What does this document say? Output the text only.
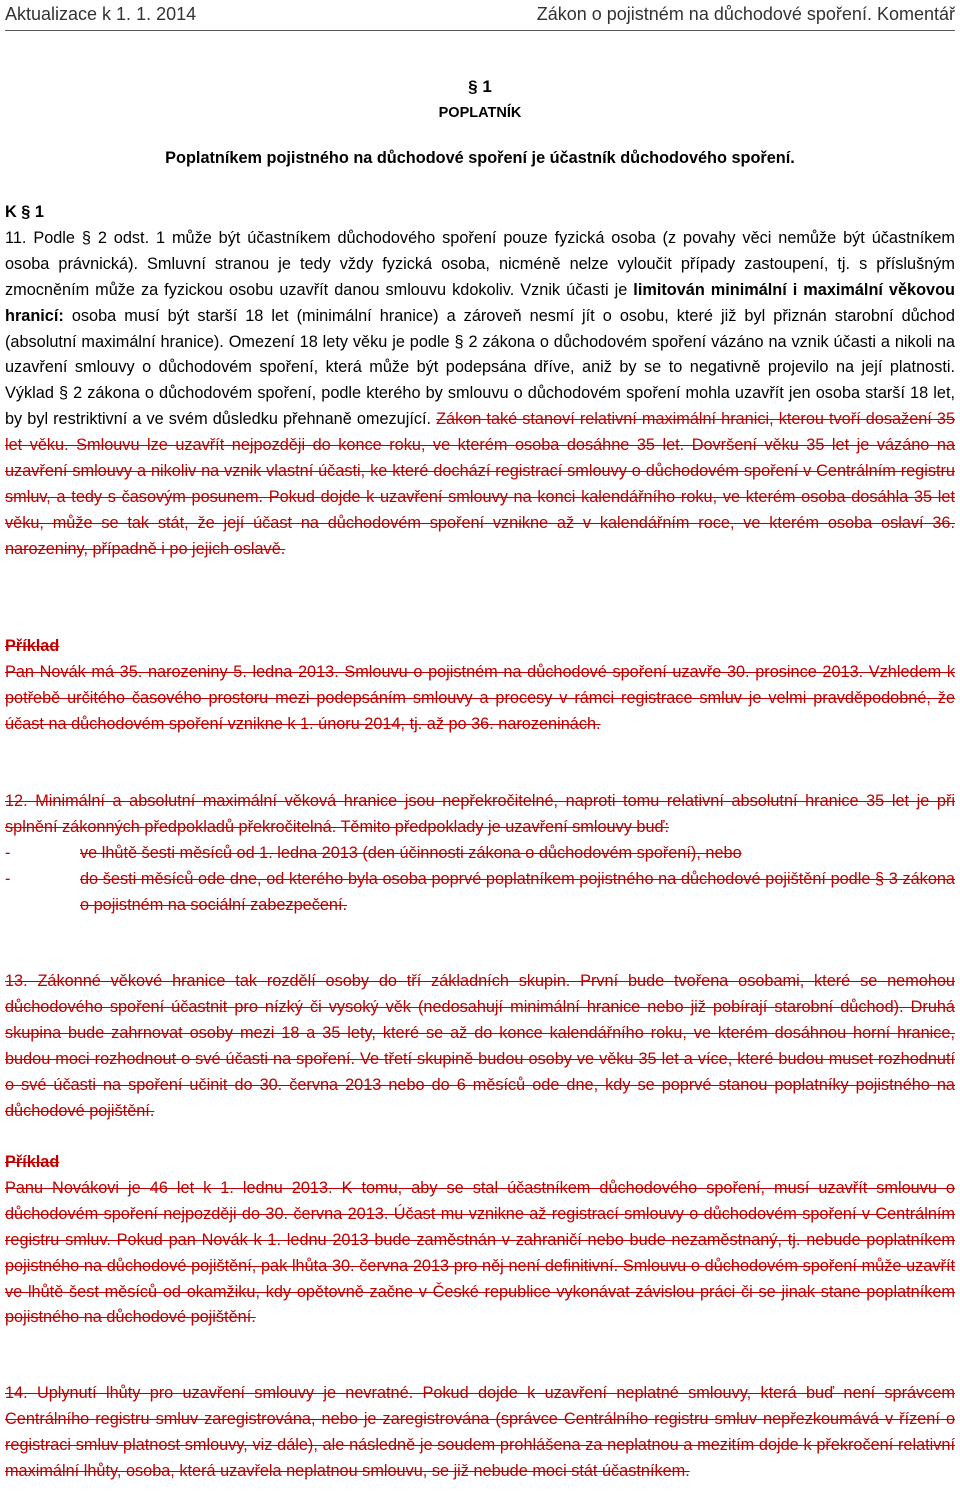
Aktualizace k 1. 1. 2014	Zákon o pojistném na důchodové spoření. Komentář
§ 1
POPLATNÍK
Poplatníkem pojistného na důchodové spoření je účastník důchodového spoření.
K § 1
11. Podle § 2 odst. 1 může být účastníkem důchodového spoření pouze fyzická osoba (z povahy věci nemůže být účastníkem osoba právnická). Smluvní stranou je tedy vždy fyzická osoba, nicméně nelze vyloučit případy zastoupení, tj. s příslušným zmocněním může za fyzickou osobu uzavřít danou smlouvu kdokoliv. Vznik účasti je limitován minimální i maximální věkovou hranicí: osoba musí být starší 18 let (minimální hranice) a zároveň nesmí jít o osobu, které již byl přiznán starobní důchod (absolutní maximální hranice). Omezení 18 lety věku je podle § 2 zákona o důchodovém spoření vázáno na vznik účasti a nikoli na uzavření smlouvy o důchodovém spoření, která může být podepsána dříve, aniž by se to negativně projevilo na její platnosti. Výklad § 2 zákona o důchodovém spoření, podle kterého by smlouvu o důchodovém spoření mohla uzavřít jen osoba starší 18 let, by byl restriktivní a ve svém důsledku přehnaně omezující. Zákon také stanoví relativní maximální hranici, kterou tvoří dosažení 35 let věku. Smlouvu lze uzavřít nejpozději do konce roku, ve kterém osoba dosáhne 35 let. Dovršení věku 35 let je vázáno na uzavření smlouvy a nikoliv na vznik vlastní účasti, ke které dochází registrací smlouvy o důchodovém spoření v Centrálním registru smluv, a tedy s časovým posunem. Pokud dojde k uzavření smlouvy na konci kalendářního roku, ve kterém osoba dosáhla 35 let věku, může se tak stát, že její účast na důchodovém spoření vznikne až v kalendářním roce, ve kterém osoba oslaví 36. narozeniny, případně i po jejich oslavě.
Příklad
Pan Novák má 35. narozeniny 5. ledna 2013. Smlouvu o pojistném na důchodové spoření uzavře 30. prosince 2013. Vzhledem k potřebě určitého časového prostoru mezi podepsáním smlouvy a procesy v rámci registrace smluv je velmi pravděpodobné, že účast na důchodovém spoření vznikne k 1. únoru 2014, tj. až po 36. narozeninách.
12. Minimální a absolutní maximální věková hranice jsou nepřekročitelné, naproti tomu relativní absolutní hranice 35 let je při splnění zákonných předpokladů překročitelná. Těmito předpoklady je uzavření smlouvy buď:
-	ve lhůtě šesti měsíců od 1. ledna 2013 (den účinnosti zákona o důchodovém spoření), nebo
-	do šesti měsíců ode dne, od kterého byla osoba poprvé poplatníkem pojistného na důchodové pojištění podle § 3 zákona o pojistném na sociální zabezpečení.
13. Zákonné věkové hranice tak rozdělí osoby do tří základních skupin. První bude tvořena osobami, které se nemohou důchodového spoření účastnit pro nízký či vysoký věk (nedosahují minimální hranice nebo již pobírají starobní důchod). Druhá skupina bude zahrnovat osoby mezi 18 a 35 lety, které se až do konce kalendářního roku, ve kterém dosáhnou horní hranice, budou moci rozhodnout o své účasti na spoření. Ve třetí skupině budou osoby ve věku 35 let a více, které budou muset rozhodnutí o své účasti na spoření učinit do 30. června 2013 nebo do 6 měsíců ode dne, kdy se poprvé stanou poplatníky pojistného na důchodové pojištění.
Příklad
Panu Novákovi je 46 let k 1. lednu 2013. K tomu, aby se stal účastníkem důchodového spoření, musí uzavřít smlouvu o důchodovém spoření nejpozději do 30. června 2013. Účast mu vznikne až registrací smlouvy o důchodovém spoření v Centrálním registru smluv. Pokud pan Novák k 1. lednu 2013 bude zaměstnán v zahraničí nebo bude nezaměstnaný, tj. nebude poplatníkem pojistného na důchodové pojištění, pak lhůta 30. června 2013 pro něj není definitivní. Smlouvu o důchodovém spoření může uzavřít ve lhůtě šest měsíců od okamžiku, kdy opětovně začne v České republice vykonávat závislou práci či se jinak stane poplatníkem pojistného na důchodové pojištění.
14. Uplynutí lhůty pro uzavření smlouvy je nevratné. Pokud dojde k uzavření neplatné smlouvy, která buď není správcem Centrálního registru smluv zaregistrována, nebo je zaregistrována (správce Centrálního registru smluv nepřezkoumává v řízení o registraci smluv platnost smlouvy, viz dále), ale následně je soudem prohlášena za neplatnou a mezitím dojde k překročení relativní maximální lhůty, osoba, která uzavřela neplatnou smlouvu, se již nebude moci stát účastníkem.
